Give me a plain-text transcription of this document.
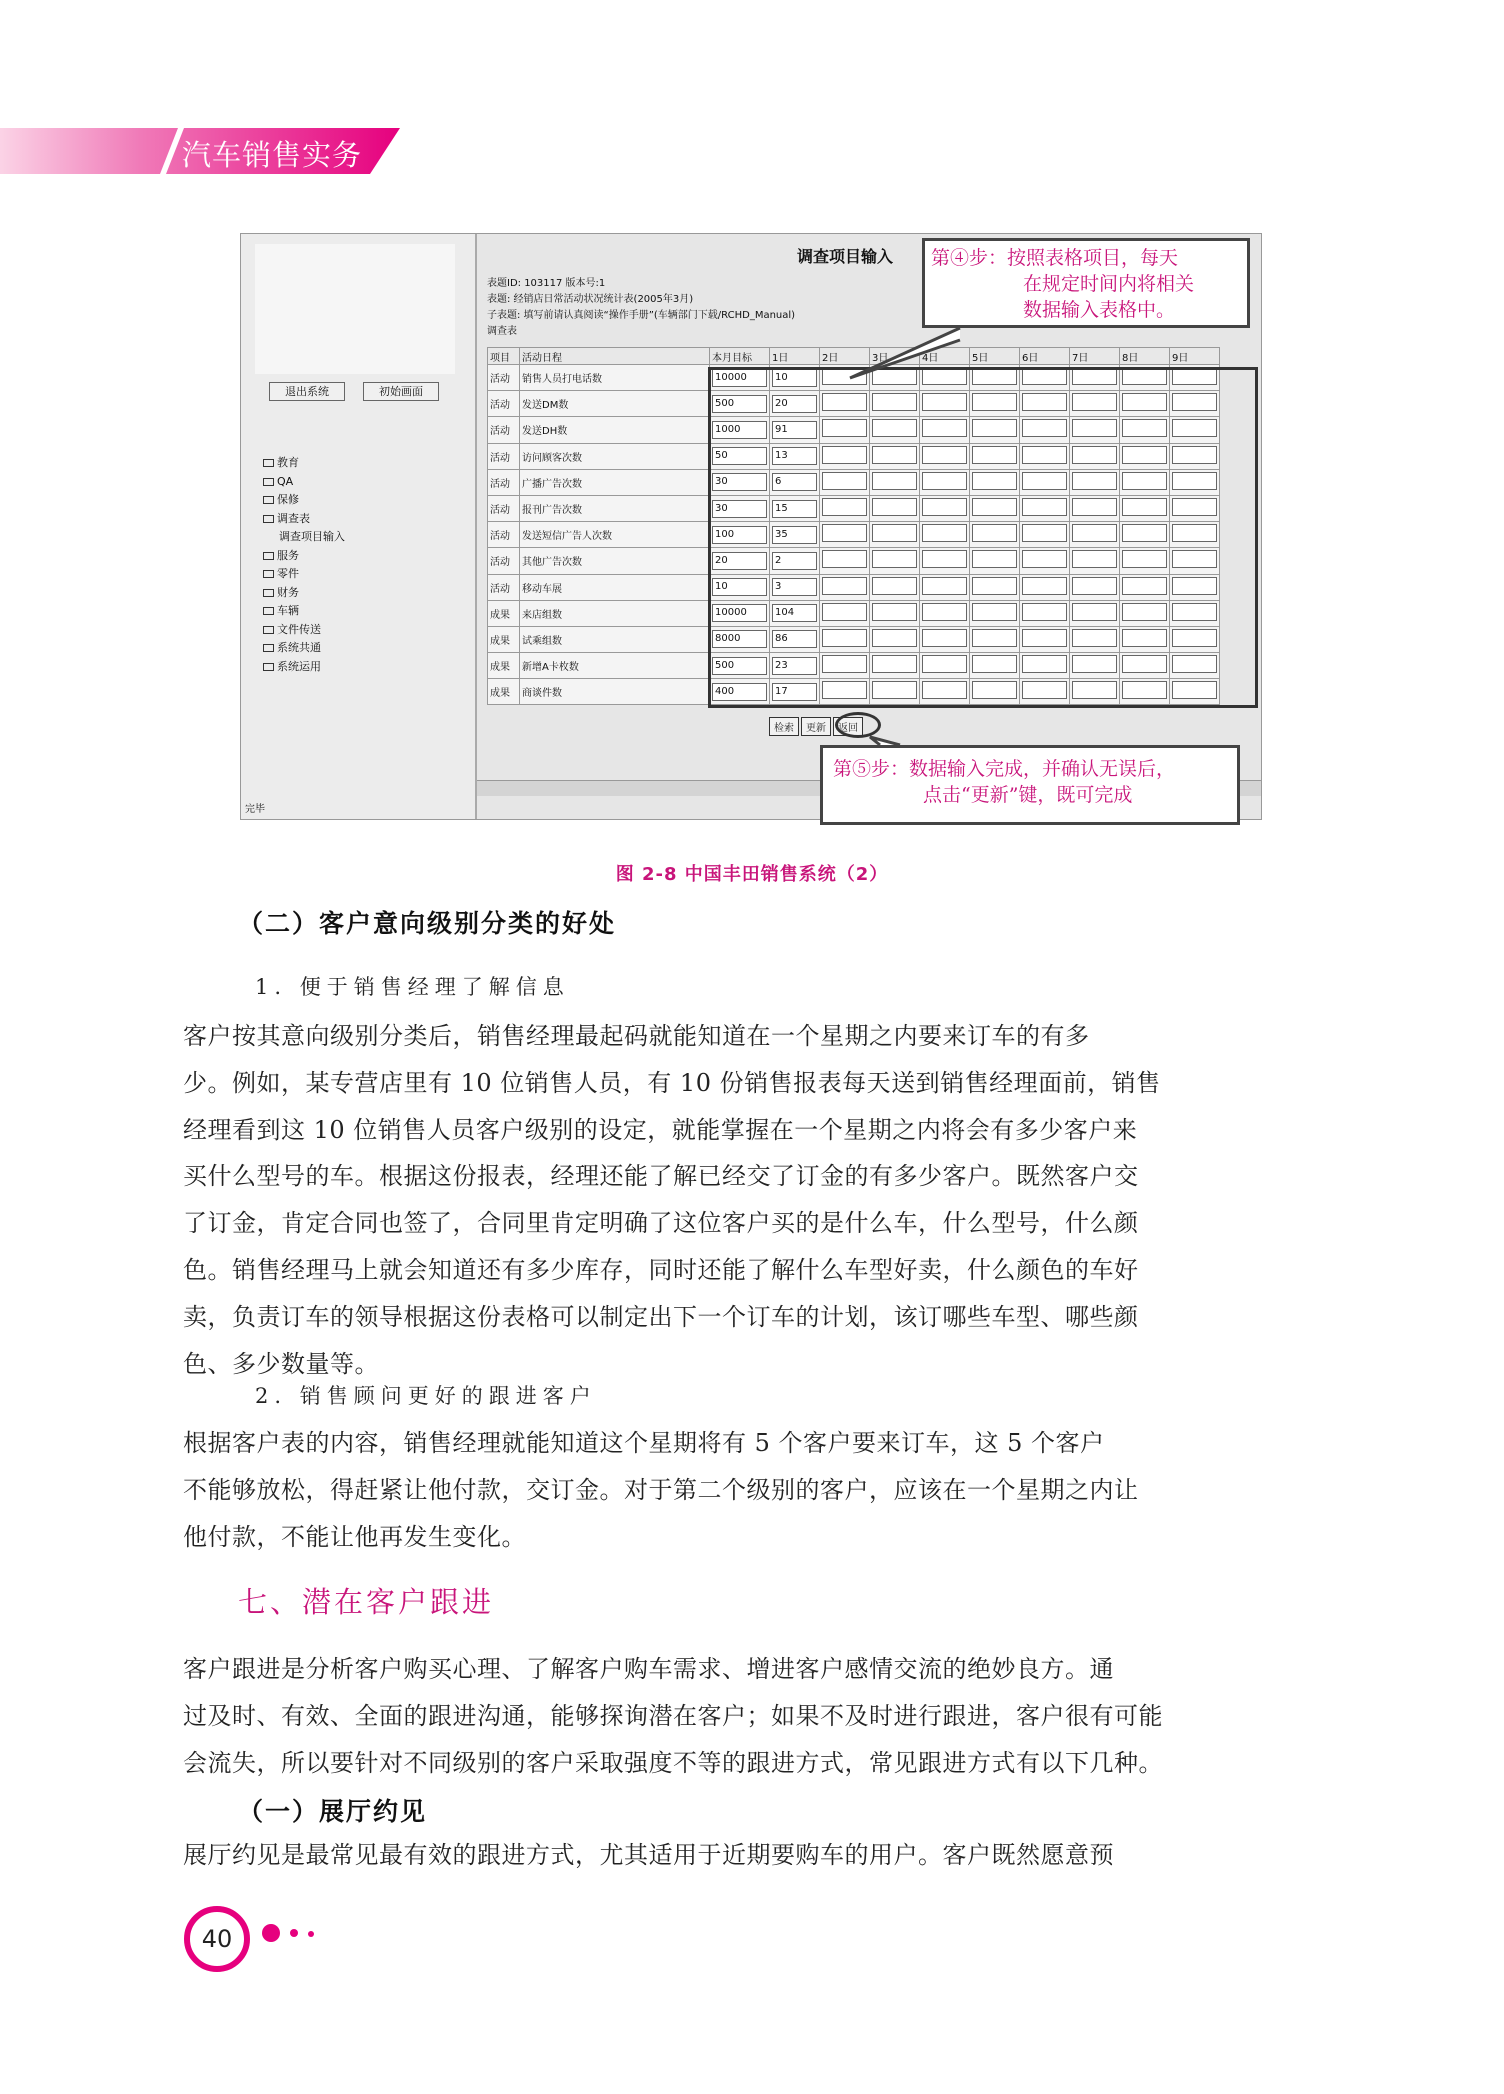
汽车销售实务
退出系统	初始画面
教育
QA
保修
调查表
调查项目输入
服务
零件
财务
车辆
文件传送
系统共通
系统运用
调查项目输入
表题ID: 103117 版本号:1
表题: 经销店日常活动状况统计表(2005年3月)
子表题: 填写前请认真阅读“操作手册”(车辆部门下载/RCHD_Manual)
调查表
项目	活动日程	本月目标	1日	2日	3日	4日	5日	6日	7日	8日	9日
活动	销售人员打电话数	10000	10								
活动	发送DM数	500	20								
活动	发送DH数	1000	91								
活动	访问顾客次数	50	13								
活动	广播广告次数	30	6								
活动	报刊广告次数	30	15								
活动	发送短信广告人次数	100	35								
活动	其他广告次数	20	2								
活动	移动车展	10	3								
成果	来店组数	10000	104								
成果	试乘组数	8000	86								
成果	新增A卡枚数	500	23								
成果	商谈件数	400	17								
检索 更新 返回
完毕
第④步：按照表格项目，每天
在规定时间内将相关
数据输入表格中。
第⑤步：数据输入完成，并确认无误后，
点击“更新”键，既可完成
图 2-8 中国丰田销售系统（2）
（二）客户意向级别分类的好处
1. 便于销售经理了解信息
客户按其意向级别分类后，销售经理最起码就能知道在一个星期之内要来订车的有多
少。例如，某专营店里有 10 位销售人员，有 10 份销售报表每天送到销售经理面前，销售
经理看到这 10 位销售人员客户级别的设定，就能掌握在一个星期之内将会有多少客户来
买什么型号的车。根据这份报表，经理还能了解已经交了订金的有多少客户。既然客户交
了订金，肯定合同也签了，合同里肯定明确了这位客户买的是什么车，什么型号，什么颜
色。销售经理马上就会知道还有多少库存，同时还能了解什么车型好卖，什么颜色的车好
卖，负责订车的领导根据这份表格可以制定出下一个订车的计划，该订哪些车型、哪些颜
色、多少数量等。
2. 销售顾问更好的跟进客户
根据客户表的内容，销售经理就能知道这个星期将有 5 个客户要来订车，这 5 个客户
不能够放松，得赶紧让他付款，交订金。对于第二个级别的客户，应该在一个星期之内让
他付款，不能让他再发生变化。
七、潜在客户跟进
客户跟进是分析客户购买心理、了解客户购车需求、增进客户感情交流的绝妙良方。通
过及时、有效、全面的跟进沟通，能够探询潜在客户；如果不及时进行跟进，客户很有可能
会流失，所以要针对不同级别的客户采取强度不等的跟进方式，常见跟进方式有以下几种。
（一）展厅约见
展厅约见是最常见最有效的跟进方式，尤其适用于近期要购车的用户。客户既然愿意预
40
